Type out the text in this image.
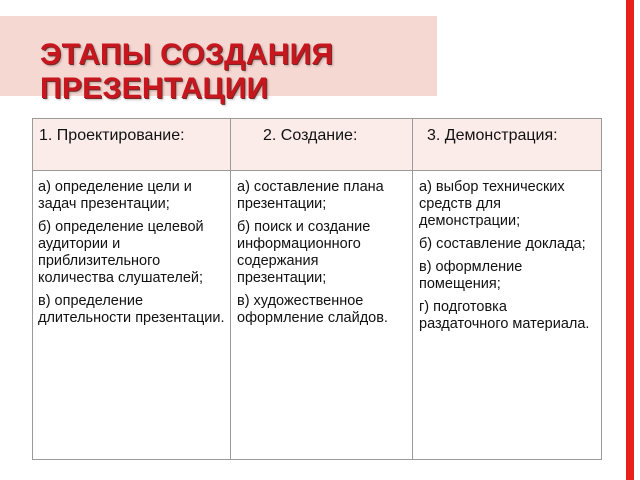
ЭТАПЫ СОЗДАНИЯ
ПРЕЗЕНТАЦИИ
1. Проектирование:	2. Создание:	3. Демонстрация:

а) определение цели и задач презентации;

б) определение целевой аудитории и приблизительного количества слушателей;

в) определение длительности презентации.

а) составление плана презентации;

б) поиск и создание информационного содержания презентации;

в) художественное оформление слайдов.

а) выбор технических средств для демонстрации;

б) составление доклада;

в) оформление помещения;

г) подготовка раздаточного материала.
